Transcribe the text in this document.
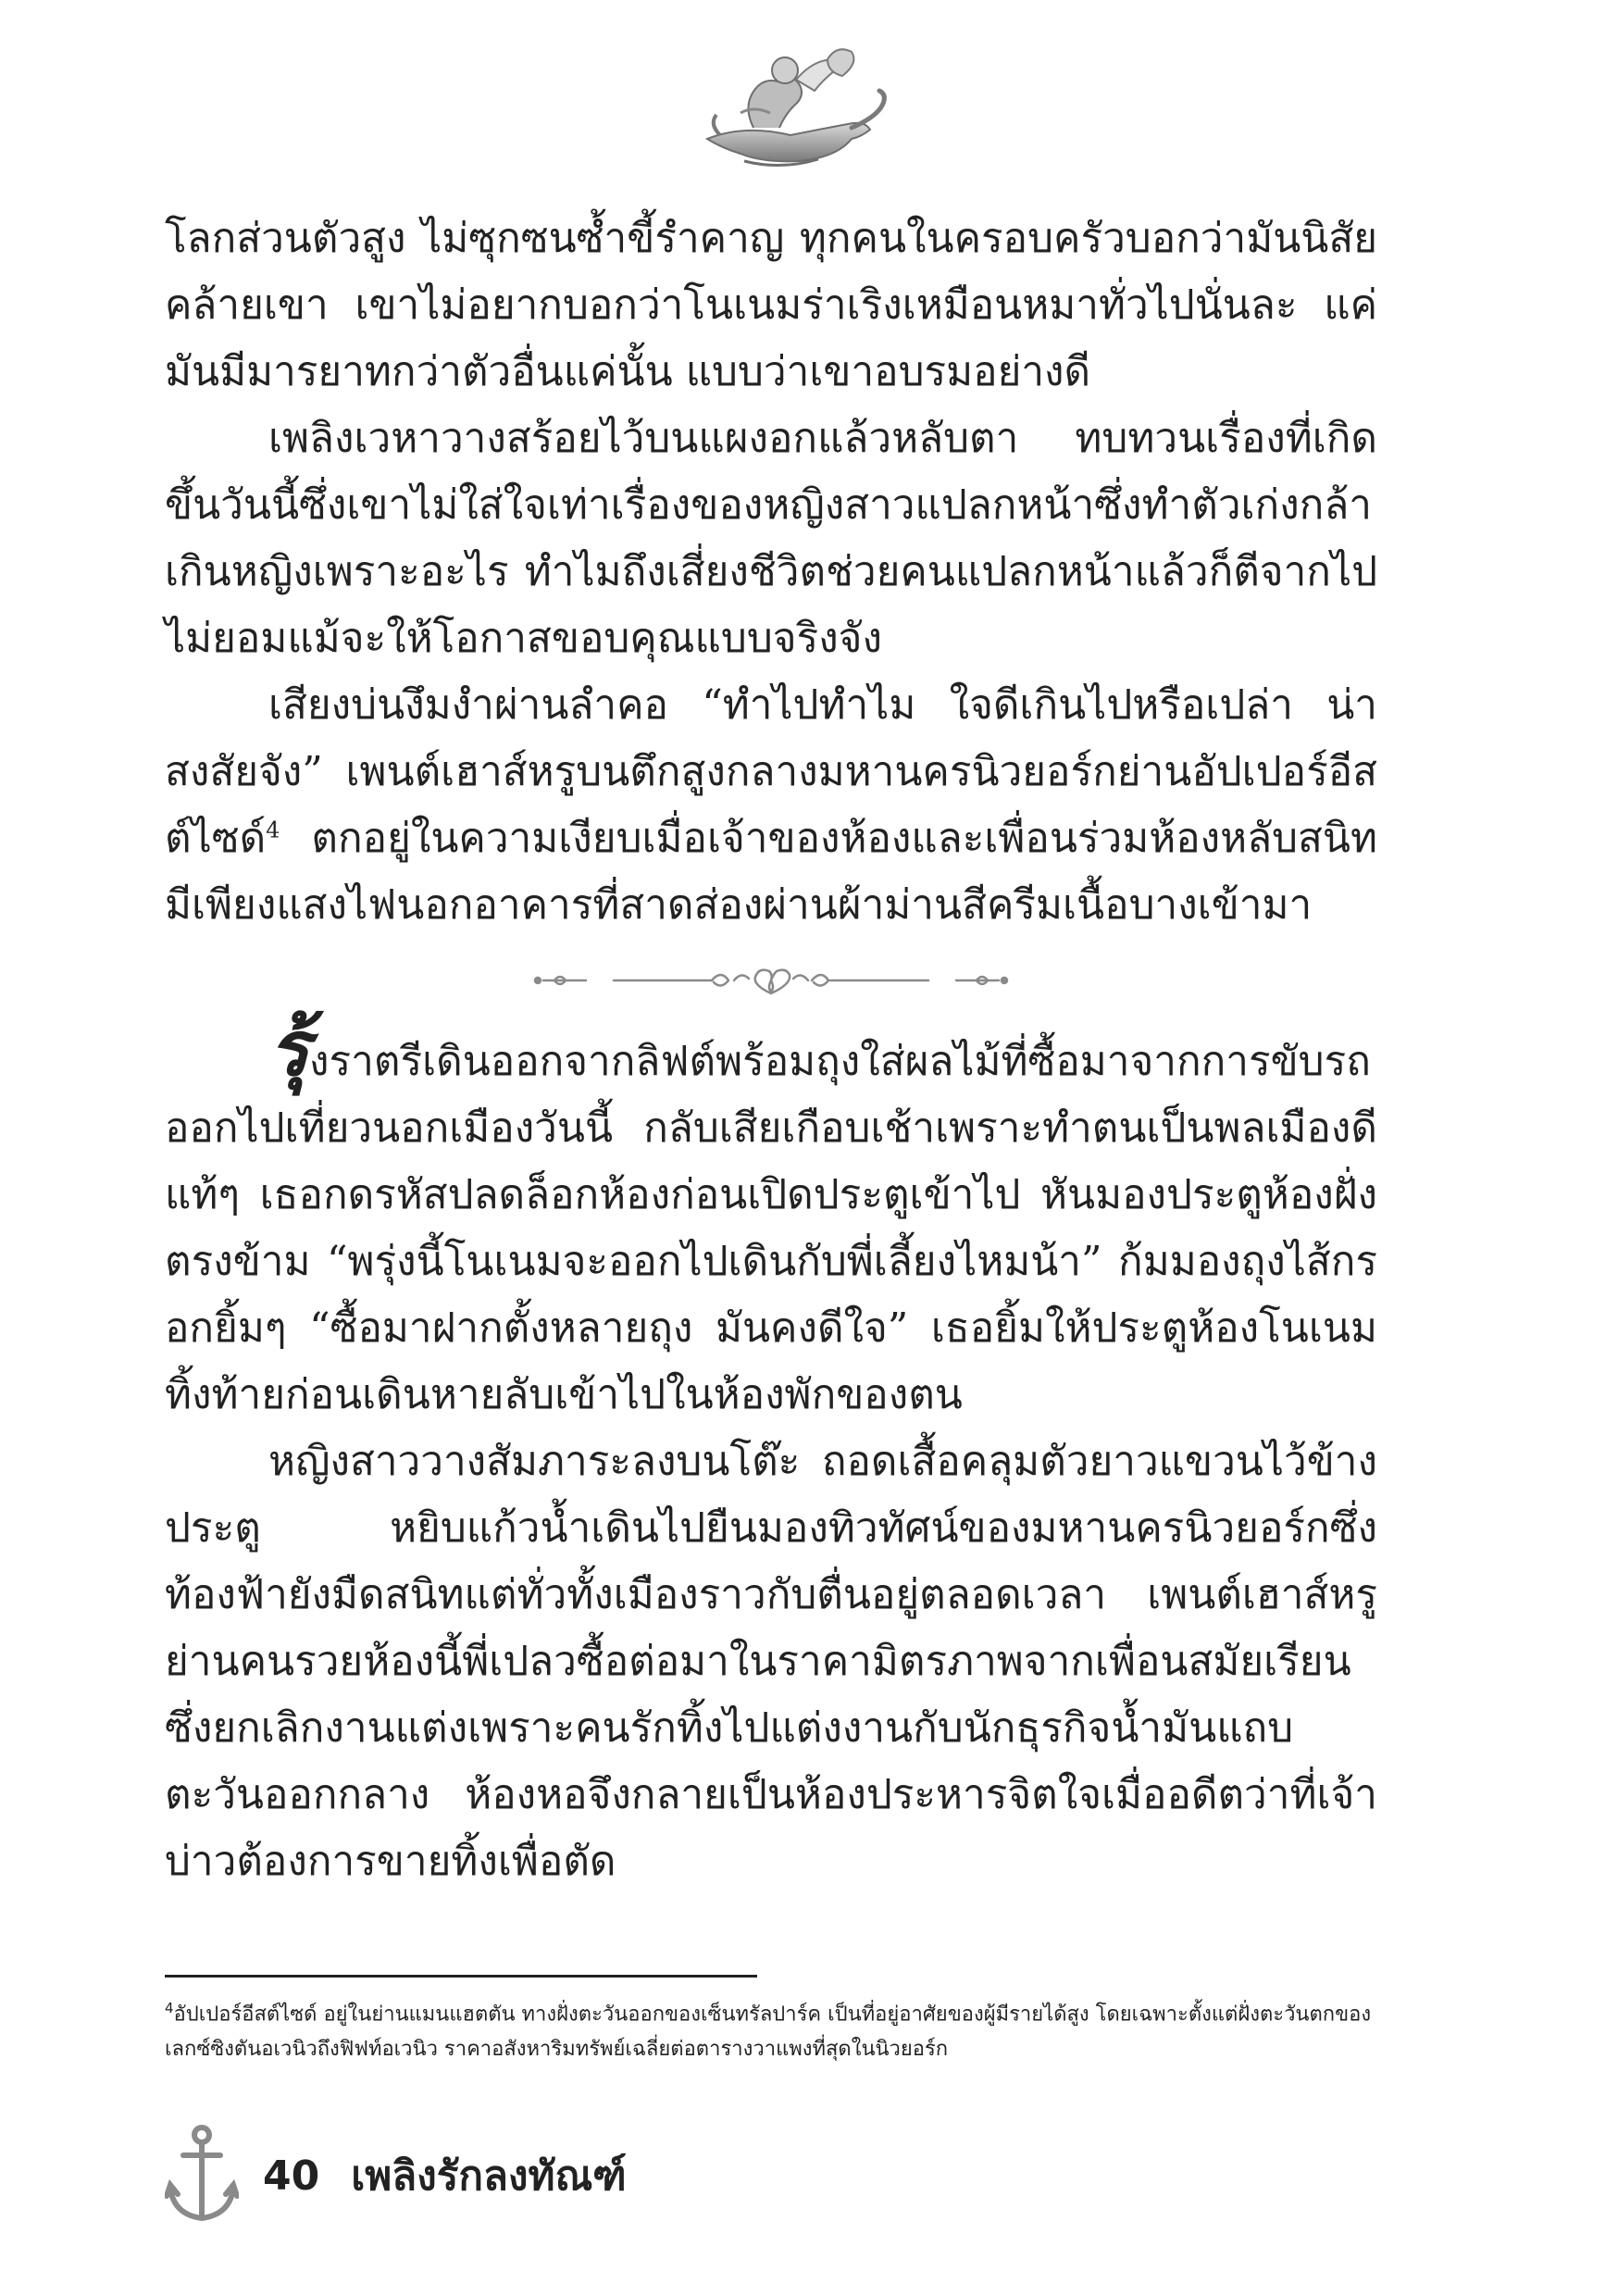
โลกส่วนตัวสูง ไม่ซุกซนซ้ำขี้รำคาญ ทุกคนในครอบครัวบอกว่ามันนิสัยคล้ายเขา เขาไม่อยากบอกว่าโนเนมร่าเริงเหมือนหมาทั่วไปนั่นละ แค่มันมีมารยาทกว่าตัวอื่นแค่นั้น แบบว่าเขาอบรมอย่างดี

เพลิงเวหาวางสร้อยไว้บนแผงอกแล้วหลับตา ทบทวนเรื่องที่เกิดขึ้นวันนี้ซึ่งเขาไม่ใส่ใจเท่าเรื่องของหญิงสาวแปลกหน้าซึ่งทำตัวเก่งกล้าเกินหญิงเพราะอะไร ทำไมถึงเสี่ยงชีวิตช่วยคนแปลกหน้าแล้วก็ตีจากไป ไม่ยอมแม้จะให้โอกาสขอบคุณแบบจริงจัง

เสียงบ่นงึมงำผ่านลำคอ “ทำไปทำไม ใจดีเกินไปหรือเปล่า น่าสงสัยจัง” เพนต์เฮาส์หรูบนตึกสูงกลางมหานครนิวยอร์กย่านอัปเปอร์อีสต์ไซด์$^4$ ตกอยู่ในความเงียบเมื่อเจ้าของห้องและเพื่อนร่วมห้องหลับสนิท มีเพียงแสงไฟนอกอาคารที่สาดส่องผ่านผ้าม่านสีครีมเนื้อบางเข้ามา

รุ้งราตรีเดินออกจากลิฟต์พร้อมถุงใส่ผลไม้ที่ซื้อมาจากการขับรถออกไปเที่ยวนอกเมืองวันนี้ กลับเสียเกือบเช้าเพราะทำตนเป็นพลเมืองดีแท้ๆ เธอกดรหัสปลดล็อกห้องก่อนเปิดประตูเข้าไป หันมองประตูห้องฝั่งตรงข้าม “พรุ่งนี้โนเนมจะออกไปเดินกับพี่เลี้ยงไหมน้า” ก้มมองถุงไส้กรอกยิ้มๆ “ซื้อมาฝากตั้งหลายถุง มันคงดีใจ” เธอยิ้มให้ประตูห้องโนเนมทิ้งท้ายก่อนเดินหายลับเข้าไปในห้องพักของตน

หญิงสาววางสัมภาระลงบนโต๊ะ ถอดเสื้อคลุมตัวยาวแขวนไว้ข้างประตู หยิบแก้วน้ำเดินไปยืนมองทิวทัศน์ของมหานครนิวยอร์กซึ่งท้องฟ้ายังมืดสนิทแต่ทั่วทั้งเมืองราวกับตื่นอยู่ตลอดเวลา เพนต์เฮาส์หรูย่านคนรวยห้องนี้พี่เปลวซื้อต่อมาในราคามิตรภาพจากเพื่อนสมัยเรียนซึ่งยกเลิกงานแต่งเพราะคนรักทิ้งไปแต่งงานกับนักธุรกิจน้ำมันแถบตะวันออกกลาง ห้องหอจึงกลายเป็นห้องประหารจิตใจเมื่ออดีตว่าที่เจ้าบ่าวต้องการขายทิ้งเพื่อตัด

$^4$อัปเปอร์อีสต์ไซด์ อยู่ในย่านแมนแฮตตัน ทางฝั่งตะวันออกของเซ็นทรัลปาร์ค เป็นที่อยู่อาศัยของผู้มีรายได้สูง โดยเฉพาะตั้งแต่ฝั่งตะวันตกของเลกซ์ซิงตันอเวนิวถึงฟิฟท์อเวนิว ราคาอสังหาริมทรัพย์เฉลี่ยต่อตารางวาแพงที่สุดในนิวยอร์ก
40 เพลิงรักลงทัณฑ์
